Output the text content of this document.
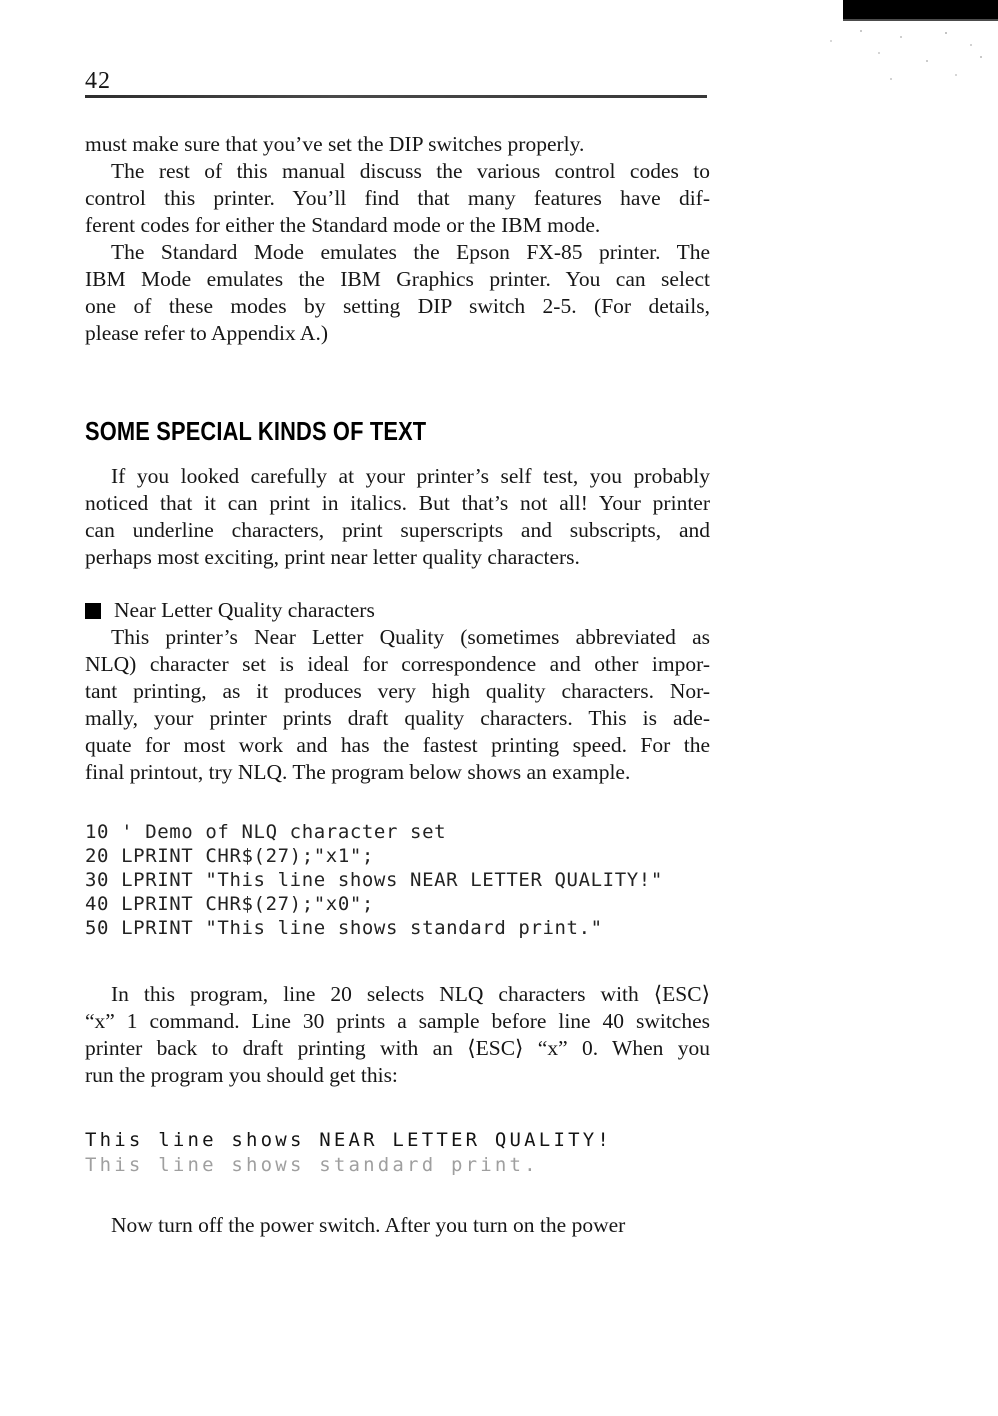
42
must make sure that you’ve set the DIP switches properly.
The rest of this manual discuss the various control codes to
control this printer. You’ll find that many features have dif-
ferent codes for either the Standard mode or the IBM mode.
The Standard Mode emulates the Epson FX-85 printer. The
IBM Mode emulates the IBM Graphics printer. You can select
one of these modes by setting DIP switch 2-5. (For details,
please refer to Appendix A.)
SOME SPECIAL KINDS OF TEXT
If you looked carefully at your printer’s self test, you probably
noticed that it can print in italics. But that’s not all! Your printer
can underline characters, print superscripts and subscripts, and
perhaps most exciting, print near letter quality characters.
Near Letter Quality characters
This printer’s Near Letter Quality (sometimes abbreviated as
NLQ) character set is ideal for correspondence and other impor-
tant printing, as it produces very high quality characters. Nor-
mally, your printer prints draft quality characters. This is ade-
quate for most work and has the fastest printing speed. For the
final printout, try NLQ. The program below shows an example.
10 ' Demo of NLQ character set
20 LPRINT CHR$(27);"x1";
30 LPRINT "This line shows NEAR LETTER QUALITY!"
40 LPRINT CHR$(27);"x0";
50 LPRINT "This line shows standard print."
In this program, line 20 selects NLQ characters with ⟨ESC⟩
“x” 1 command. Line 30 prints a sample before line 40 switches
printer back to draft printing with an ⟨ESC⟩ “x” 0. When you
run the program you should get this:
This line shows NEAR LETTER QUALITY!
This line shows standard print.
Now turn off the power switch. After you turn on the power
